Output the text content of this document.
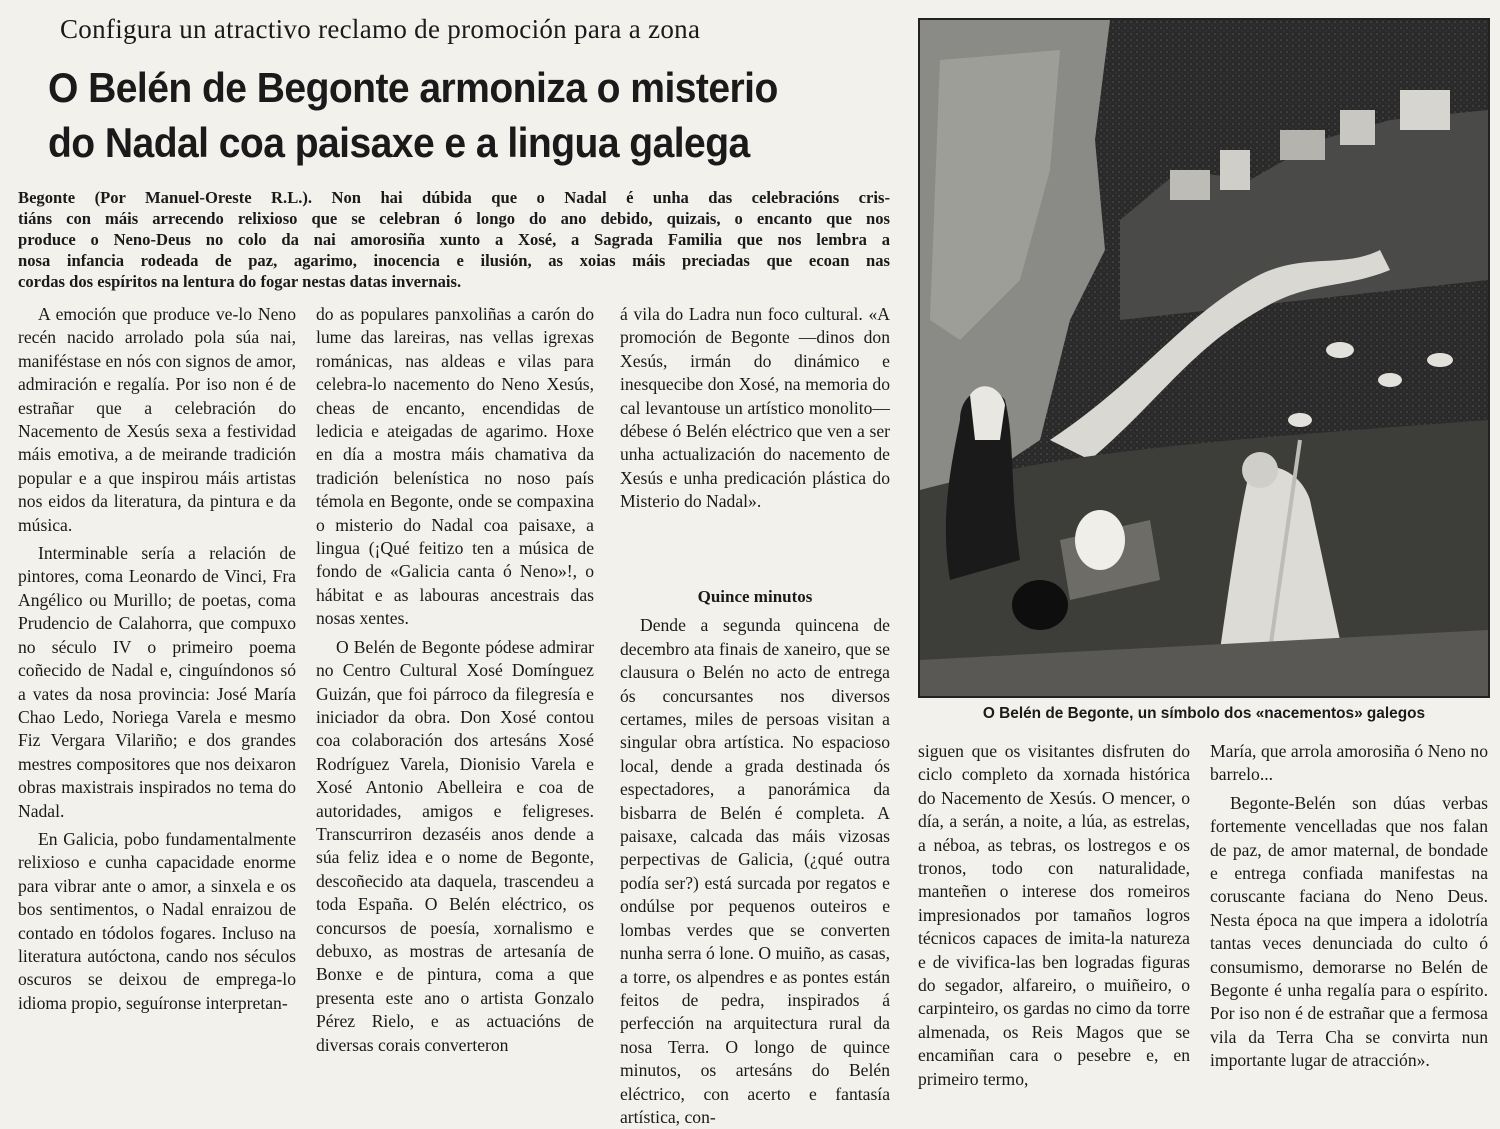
Configura un atractivo reclamo de promoción para a zona
O Belén de Begonte armoniza o misterio
do Nadal coa paisaxe e a lingua galega
Begonte (Por Manuel-Oreste R.L.). Non hai dúbida que o Nadal é unha das celebracións cris-
tiáns con máis arrecendo relixioso que se celebran ó longo do ano debido, quizais, o encanto que nos
produce o Neno-Deus no colo da nai amorosiña xunto a Xosé, a Sagrada Familia que nos lembra a
nosa infancia rodeada de paz, agarimo, inocencia e ilusión, as xoias máis preciadas que ecoan nas
cordas dos espíritos na lentura do fogar nestas datas invernais.

A emoción que produce ve-lo Neno recén nacido arrolado pola súa nai, maniféstase en nós con signos de amor, admiración e regalía. Por iso non é de estrañar que a celebración do Nacemento de Xesús sexa a festividad máis emotiva, a de meirande tradición popular e a que inspirou máis artistas nos eidos da literatura, da pintura e da música.

Interminable sería a relación de pintores, coma Leonardo de Vinci, Fra Angélico ou Murillo; de poetas, coma Prudencio de Calahorra, que compuxo no século IV o primeiro poema coñecido de Nadal e, cinguíndonos só a vates da nosa provincia: José María Chao Ledo, Noriega Varela e mesmo Fiz Vergara Vilariño; e dos grandes mestres compositores que nos deixaron obras maxistrais inspirados no tema do Nadal.

En Galicia, pobo fundamentalmente relixioso e cunha capacidade enorme para vibrar ante o amor, a sinxela e os bos sentimentos, o Nadal enraizou de contado en tódolos fogares. Incluso na literatura autóctona, cando nos séculos oscuros se deixou de emprega-lo idioma propio, seguíronse interpretan-

do as populares panxoliñas a carón do lume das lareiras, nas vellas igrexas románicas, nas aldeas e vilas para celebra-lo nacemento do Neno Xesús, cheas de encanto, encendidas de ledicia e ateigadas de agarimo. Hoxe en día a mostra máis chamativa da tradición belenística no noso país témola en Begonte, onde se compaxina o misterio do Nadal coa paisaxe, a lingua (¡Qué feitizo ten a música de fondo de «Galicia canta ó Neno»!, o hábitat e as labouras ancestrais das nosas xentes.

O Belén de Begonte pódese admirar no Centro Cultural Xosé Domínguez Guizán, que foi párroco da filegresía e iniciador da obra. Don Xosé contou coa colaboración dos artesáns Xosé Rodríguez Varela, Dionisio Varela e Xosé Antonio Abelleira e coa de autoridades, amigos e feligreses. Transcurriron dezaséis anos dende a súa feliz idea e o nome de Begonte, descoñecido ata daquela, trascendeu a toda España. O Belén eléctrico, os concursos de poesía, xornalismo e debuxo, as mostras de artesanía de Bonxe e de pintura, coma a que presenta este ano o artista Gonzalo Pérez Rielo, e as actuacións de diversas corais converteron

á vila do Ladra nun foco cultural. «A promoción de Begonte —dinos don Xesús, irmán do dinámico e inesquecibe don Xosé, na memoria do cal levantouse un artístico monolito— débese ó Belén eléctrico que ven a ser unha actualización do nacemento de Xesús e unha predicación plástica do Misterio do Nadal».

Quince minutos

Dende a segunda quincena de decembro ata finais de xaneiro, que se clausura o Belén no acto de entrega ós concursantes nos diversos certames, miles de persoas visitan a singular obra artística. No espacioso local, dende a grada destinada ós espectadores, a panorámica da bisbarra de Belén é completa. A paisaxe, calcada das máis vizosas perpectivas de Galicia, (¿qué outra podía ser?) está surcada por regatos e ondúlse por pequenos outeiros e lombas verdes que se converten nunha serra ó lone. O muiño, as casas, a torre, os alpendres e as pontes están feitos de pedra, inspirados á perfección na arquitectura rural da nosa Terra. O longo de quince minutos, os artesáns do Belén eléctrico, con acerto e fantasía artística, con-

O Belén de Begonte, un símbolo dos «nacementos» galegos

siguen que os visitantes disfruten do ciclo completo da xornada histórica do Nacemento de Xesús. O mencer, o día, a serán, a noite, a lúa, as estrelas, a néboa, as tebras, os lostregos e os tronos, todo con naturalidade, manteñen o interese dos romeiros impresionados por tamaños logros técnicos capaces de imita-la natureza e de vivifica-las ben logradas figuras do segador, alfareiro, o muiñeiro, o carpinteiro, os gardas no cimo da torre almenada, os Reis Magos que se encamiñan cara o pesebre e, en primeiro termo,

María, que arrola amorosiña ó Neno no barrelo...

Begonte-Belén son dúas verbas fortemente vencelladas que nos falan de paz, de amor maternal, de bondade e entrega confiada manifestas na coruscante faciana do Neno Deus. Nesta época na que impera a idolotría tantas veces denunciada do culto ó consumismo, demorarse no Belén de Begonte é unha regalía para o espírito. Por iso non é de estrañar que a fermosa vila da Terra Cha se convirta nun importante lugar de atracción».
